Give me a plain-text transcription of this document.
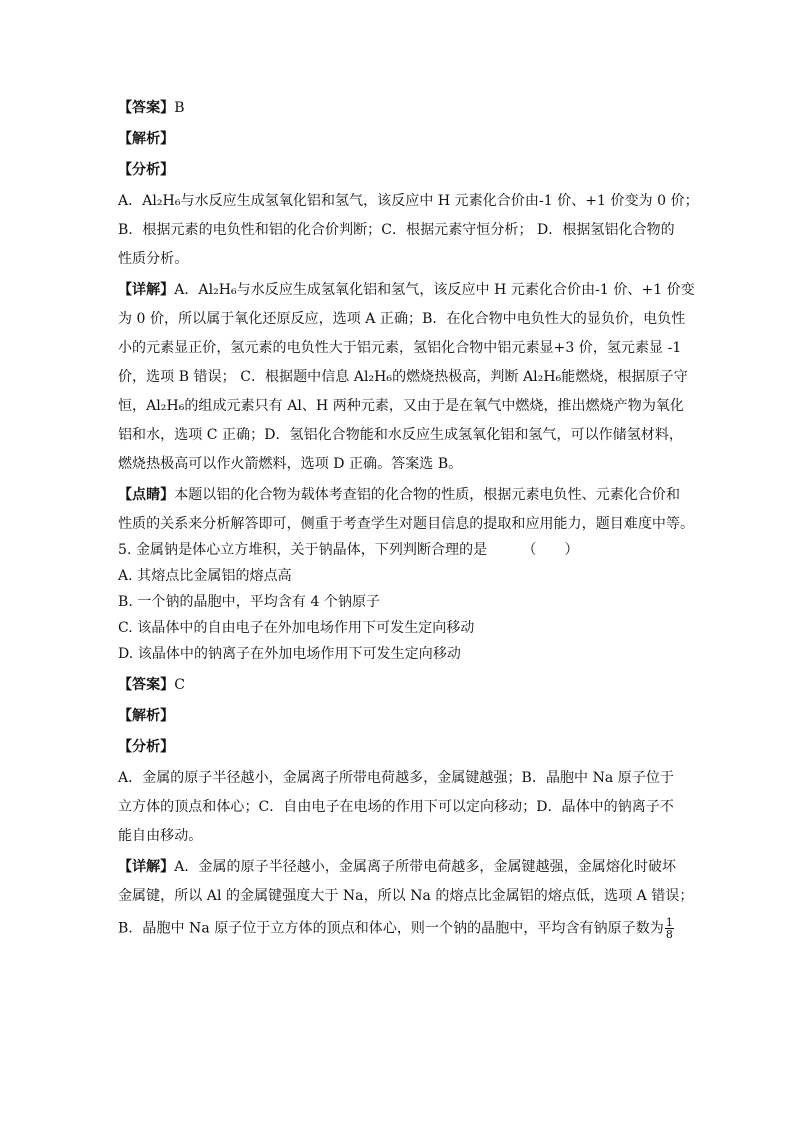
【答案】B

【解析】

【分析】

A．Al₂H₆与水反应生成氢氧化铝和氢气，该反应中 H 元素化合价由-1 价、+1 价变为 0 价；

B．根据元素的电负性和铝的化合价判断；C．根据元素守恒分析； D．根据氢铝化合物的

性质分析。

【详解】A．Al₂H₆与水反应生成氢氧化铝和氢气，该反应中 H 元素化合价由-1 价、+1 价变

为 0 价，所以属于氧化还原反应，选项 A 正确；B．在化合物中电负性大的显负价，电负性

小的元素显正价，氢元素的电负性大于铝元素，氢铝化合物中铝元素显+3 价，氢元素显 -1

价，选项 B 错误； C．根据题中信息 Al₂H₆的燃烧热极高，判断 Al₂H₆能燃烧，根据原子守

恒，Al₂H₆的组成元素只有 Al、H 两种元素，又由于是在氧气中燃烧，推出燃烧产物为氧化

铝和水，选项 C 正确；D．氢铝化合物能和水反应生成氢氧化铝和氢气，可以作储氢材料，

燃烧热极高可以作火箭燃料，选项 D 正确。答案选 B。

【点睛】本题以铝的化合物为载体考查铝的化合物的性质，根据元素电负性、元素化合价和

性质的关系来分析解答即可，侧重于考查学生对题目信息的提取和应用能力，题目难度中等。

5. 金属钠是体心立方堆积，关于钠晶体，下列判断合理的是　　　（　　）

A. 其熔点比金属铝的熔点高

B. 一个钠的晶胞中，平均含有 4 个钠原子

C. 该晶体中的自由电子在外加电场作用下可发生定向移动

D. 该晶体中的钠离子在外加电场作用下可发生定向移动

【答案】C

【解析】

【分析】

A．金属的原子半径越小，金属离子所带电荷越多，金属键越强；B．晶胞中 Na 原子位于

立方体的顶点和体心；C．自由电子在电场的作用下可以定向移动；D．晶体中的钠离子不

能自由移动。

【详解】A．金属的原子半径越小，金属离子所带电荷越多，金属键越强，金属熔化时破坏

金属键，所以 Al 的金属键强度大于 Na，所以 Na 的熔点比金属铝的熔点低，选项 A 错误；

B．晶胞中 Na 原子位于立方体的顶点和体心，则一个钠的晶胞中，平均含有钠原子数为 $\frac{1}{8}$
